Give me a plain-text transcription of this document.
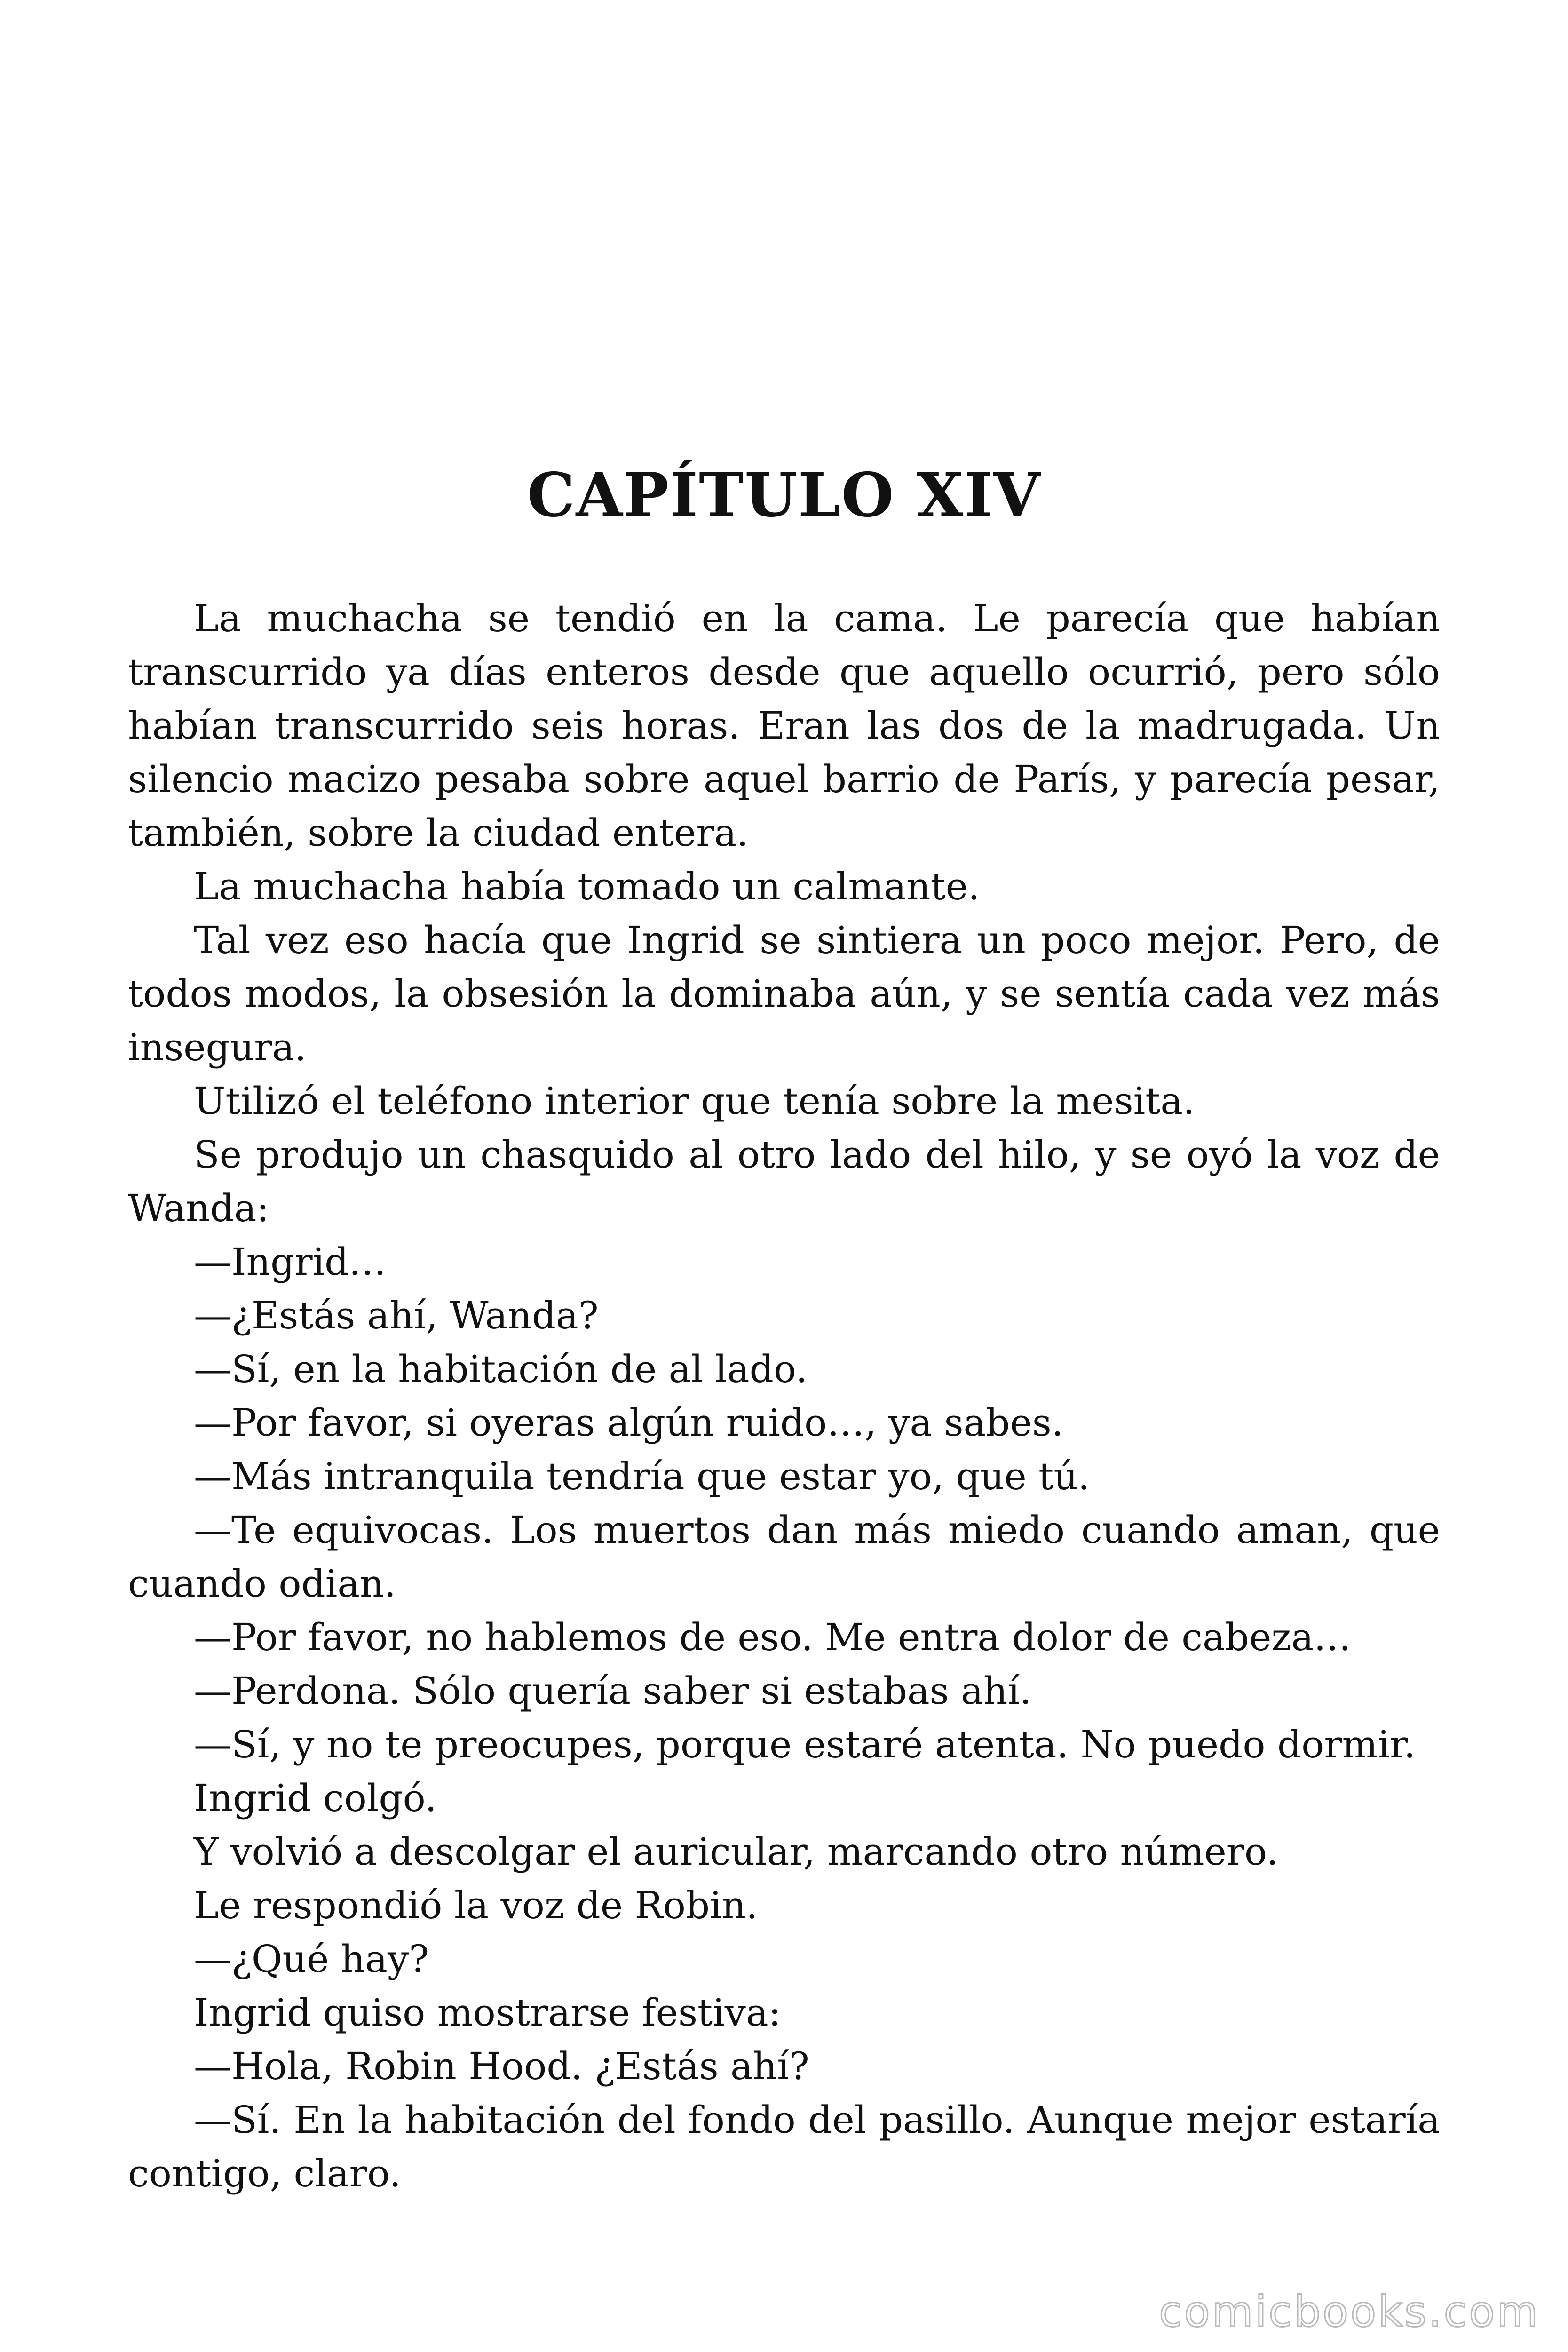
CAPÍTULO XIV

La muchacha se tendió en la cama. Le parecía que habían transcurrido ya días enteros desde que aquello ocurrió, pero sólo habían transcurrido seis horas. Eran las dos de la madrugada. Un silencio macizo pesaba sobre aquel barrio de París, y parecía pesar, también, sobre la ciudad entera.

La muchacha había tomado un calmante.

Tal vez eso hacía que Ingrid se sintiera un poco mejor. Pero, de todos modos, la obsesión la dominaba aún, y se sentía cada vez más insegura.

Utilizó el teléfono interior que tenía sobre la mesita.

Se produjo un chasquido al otro lado del hilo, y se oyó la voz de Wanda:

—Ingrid…

—¿Estás ahí, Wanda?

—Sí, en la habitación de al lado.

—Por favor, si oyeras algún ruido…, ya sabes.

—Más intranquila tendría que estar yo, que tú.

—Te equivocas. Los muertos dan más miedo cuando aman, que cuando odian.

—Por favor, no hablemos de eso. Me entra dolor de cabeza…

—Perdona. Sólo quería saber si estabas ahí.

—Sí, y no te preocupes, porque estaré atenta. No puedo dormir.

Ingrid colgó.

Y volvió a descolgar el auricular, marcando otro número.

Le respondió la voz de Robin.

—¿Qué hay?

Ingrid quiso mostrarse festiva:

—Hola, Robin Hood. ¿Estás ahí?

—Sí. En la habitación del fondo del pasillo. Aunque mejor estaría contigo, claro.

comicbooks.com
